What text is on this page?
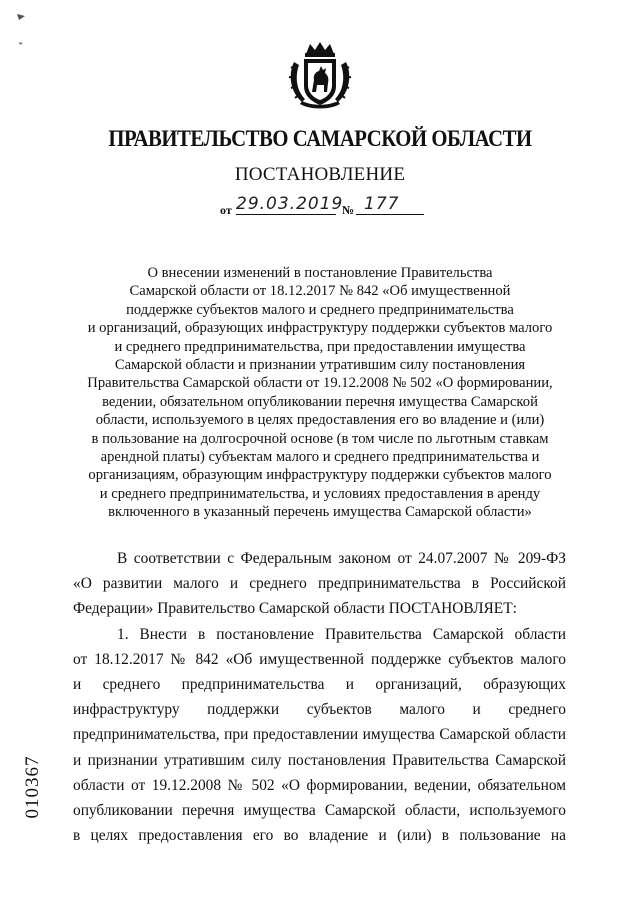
ПРАВИТЕЛЬСТВО САМАРСКОЙ ОБЛАСТИ
ПОСТАНОВЛЕНИЕ
от 29.03.2019
№ 177
О внесении изменений в постановление Правительства
Самарской области от 18.12.2017 № 842 «Об имущественной
поддержке субъектов малого и среднего предпринимательства
и организаций, образующих инфраструктуру поддержки субъектов малого
и среднего предпринимательства, при предоставлении имущества
Самарской области и признании утратившим силу постановления
Правительства Самарской области от 19.12.2008 № 502 «О формировании,
ведении, обязательном опубликовании перечня имущества Самарской
области, используемого в целях предоставления его во владение и (или)
в пользование на долгосрочной основе (в том числе по льготным ставкам
арендной платы) субъектам малого и среднего предпринимательства и
организациям, образующим инфраструктуру поддержки субъектов малого
и среднего предпринимательства, и условиях предоставления в аренду
включенного в указанный перечень имущества Самарской области»
В соответствии с Федеральным законом от 24.07.2007 № 209-ФЗ
«О развитии малого и среднего предпринимательства в Российской
Федерации» Правительство Самарской области ПОСТАНОВЛЯЕТ:
1. Внести в постановление Правительства Самарской области
от 18.12.2017 № 842 «Об имущественной поддержке субъектов малого
и среднего предпринимательства и организаций, образующих
инфраструктуру поддержки субъектов малого и среднего
предпринимательства, при предоставлении имущества Самарской области
и признании утратившим силу постановления Правительства Самарской
области от 19.12.2008 № 502 «О формировании, ведении, обязательном
опубликовании перечня имущества Самарской области, используемого
в целях предоставления его во владение и (или) в пользование на
010367
